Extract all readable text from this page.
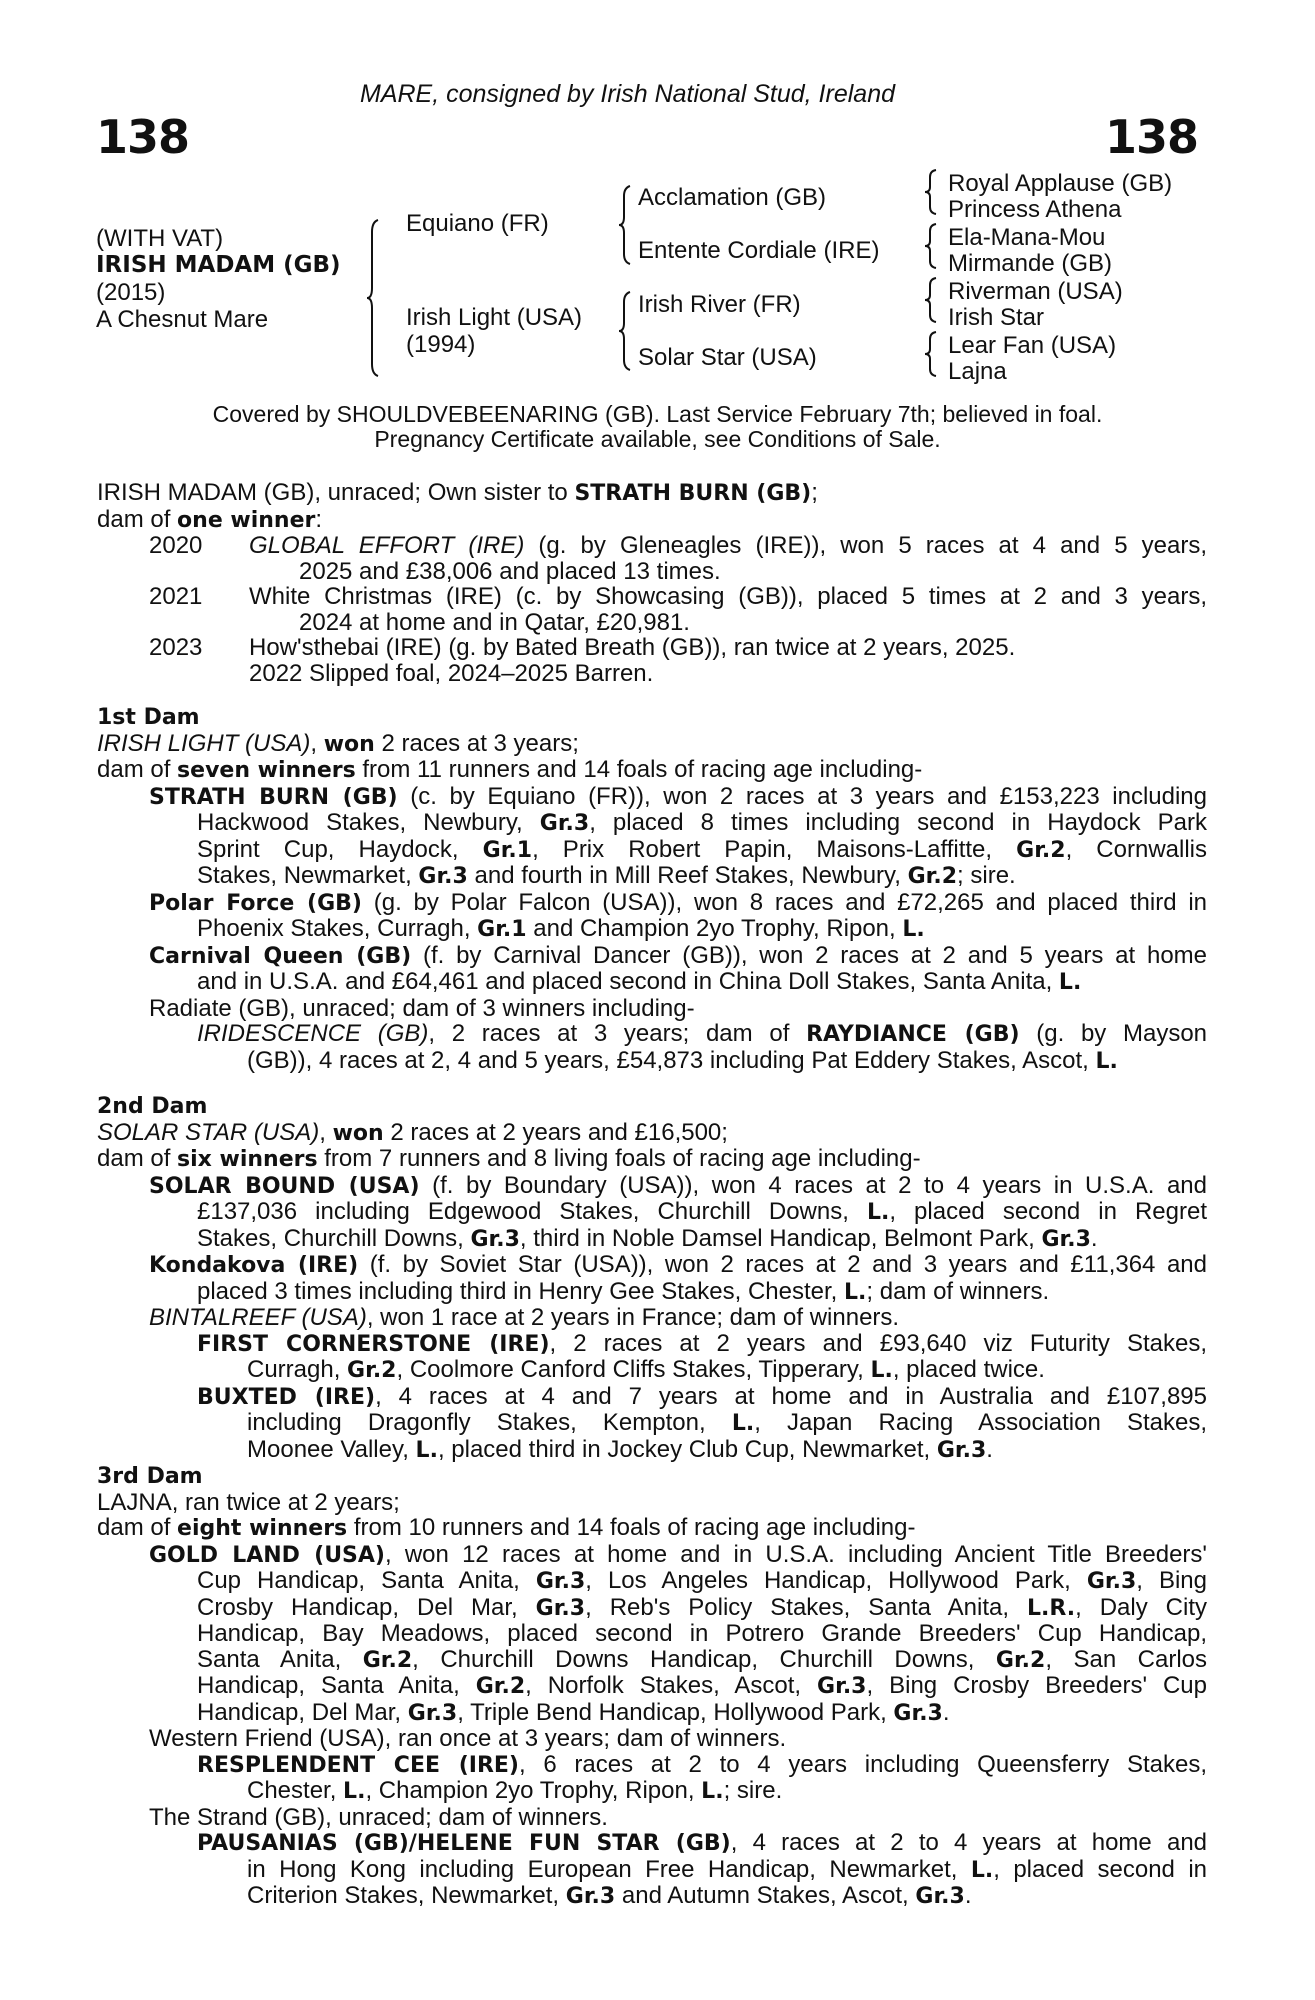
MARE, consigned by Irish National Stud, Ireland
138	138
(WITH VAT)
IRISH MADAM (GB)
(2015)
A Chesnut Mare
Equiano (FR)
Irish Light (USA)
(1994)
Acclamation (GB)
Entente Cordiale (IRE)
Irish River (FR)
Solar Star (USA)
Royal Applause (GB)
Princess Athena
Ela-Mana-Mou
Mirmande (GB)
Riverman (USA)
Irish Star
Lear Fan (USA)
Lajna
Covered by SHOULDVEBEENARING (GB). Last Service February 7th; believed in foal.
Pregnancy Certificate available, see Conditions of Sale.
IRISH MADAM (GB), unraced; Own sister to STRATH BURN (GB);
dam of one winner:
2020 GLOBAL EFFORT (IRE) (g. by Gleneagles (IRE)), won 5 races at 4 and 5 years,
2025 and £38,006 and placed 13 times.
2021 White Christmas (IRE) (c. by Showcasing (GB)), placed 5 times at 2 and 3 years,
2024 at home and in Qatar, £20,981.
2023 How'sthebai (IRE) (g. by Bated Breath (GB)), ran twice at 2 years, 2025.
2022 Slipped foal, 2024–2025 Barren.
1st Dam
IRISH LIGHT (USA), won 2 races at 3 years;
dam of seven winners from 11 runners and 14 foals of racing age including-
STRATH BURN (GB) (c. by Equiano (FR)), won 2 races at 3 years and £153,223 including
Hackwood Stakes, Newbury, Gr.3, placed 8 times including second in Haydock Park
Sprint Cup, Haydock, Gr.1, Prix Robert Papin, Maisons-Laffitte, Gr.2, Cornwallis
Stakes, Newmarket, Gr.3 and fourth in Mill Reef Stakes, Newbury, Gr.2; sire.
Polar Force (GB) (g. by Polar Falcon (USA)), won 8 races and £72,265 and placed third in
Phoenix Stakes, Curragh, Gr.1 and Champion 2yo Trophy, Ripon, L.
Carnival Queen (GB) (f. by Carnival Dancer (GB)), won 2 races at 2 and 5 years at home
and in U.S.A. and £64,461 and placed second in China Doll Stakes, Santa Anita, L.
Radiate (GB), unraced; dam of 3 winners including-
IRIDESCENCE (GB), 2 races at 3 years; dam of RAYDIANCE (GB) (g. by Mayson
(GB)), 4 races at 2, 4 and 5 years, £54,873 including Pat Eddery Stakes, Ascot, L.
2nd Dam
SOLAR STAR (USA), won 2 races at 2 years and £16,500;
dam of six winners from 7 runners and 8 living foals of racing age including-
SOLAR BOUND (USA) (f. by Boundary (USA)), won 4 races at 2 to 4 years in U.S.A. and
£137,036 including Edgewood Stakes, Churchill Downs, L., placed second in Regret
Stakes, Churchill Downs, Gr.3, third in Noble Damsel Handicap, Belmont Park, Gr.3.
Kondakova (IRE) (f. by Soviet Star (USA)), won 2 races at 2 and 3 years and £11,364 and
placed 3 times including third in Henry Gee Stakes, Chester, L.; dam of winners.
BINTALREEF (USA), won 1 race at 2 years in France; dam of winners.
FIRST CORNERSTONE (IRE), 2 races at 2 years and £93,640 viz Futurity Stakes,
Curragh, Gr.2, Coolmore Canford Cliffs Stakes, Tipperary, L., placed twice.
BUXTED (IRE), 4 races at 4 and 7 years at home and in Australia and £107,895
including Dragonfly Stakes, Kempton, L., Japan Racing Association Stakes,
Moonee Valley, L., placed third in Jockey Club Cup, Newmarket, Gr.3.
3rd Dam
LAJNA, ran twice at 2 years;
dam of eight winners from 10 runners and 14 foals of racing age including-
GOLD LAND (USA), won 12 races at home and in U.S.A. including Ancient Title Breeders'
Cup Handicap, Santa Anita, Gr.3, Los Angeles Handicap, Hollywood Park, Gr.3, Bing
Crosby Handicap, Del Mar, Gr.3, Reb's Policy Stakes, Santa Anita, L.R., Daly City
Handicap, Bay Meadows, placed second in Potrero Grande Breeders' Cup Handicap,
Santa Anita, Gr.2, Churchill Downs Handicap, Churchill Downs, Gr.2, San Carlos
Handicap, Santa Anita, Gr.2, Norfolk Stakes, Ascot, Gr.3, Bing Crosby Breeders' Cup
Handicap, Del Mar, Gr.3, Triple Bend Handicap, Hollywood Park, Gr.3.
Western Friend (USA), ran once at 3 years; dam of winners.
RESPLENDENT CEE (IRE), 6 races at 2 to 4 years including Queensferry Stakes,
Chester, L., Champion 2yo Trophy, Ripon, L.; sire.
The Strand (GB), unraced; dam of winners.
PAUSANIAS (GB)/HELENE FUN STAR (GB), 4 races at 2 to 4 years at home and
in Hong Kong including European Free Handicap, Newmarket, L., placed second in
Criterion Stakes, Newmarket, Gr.3 and Autumn Stakes, Ascot, Gr.3.
